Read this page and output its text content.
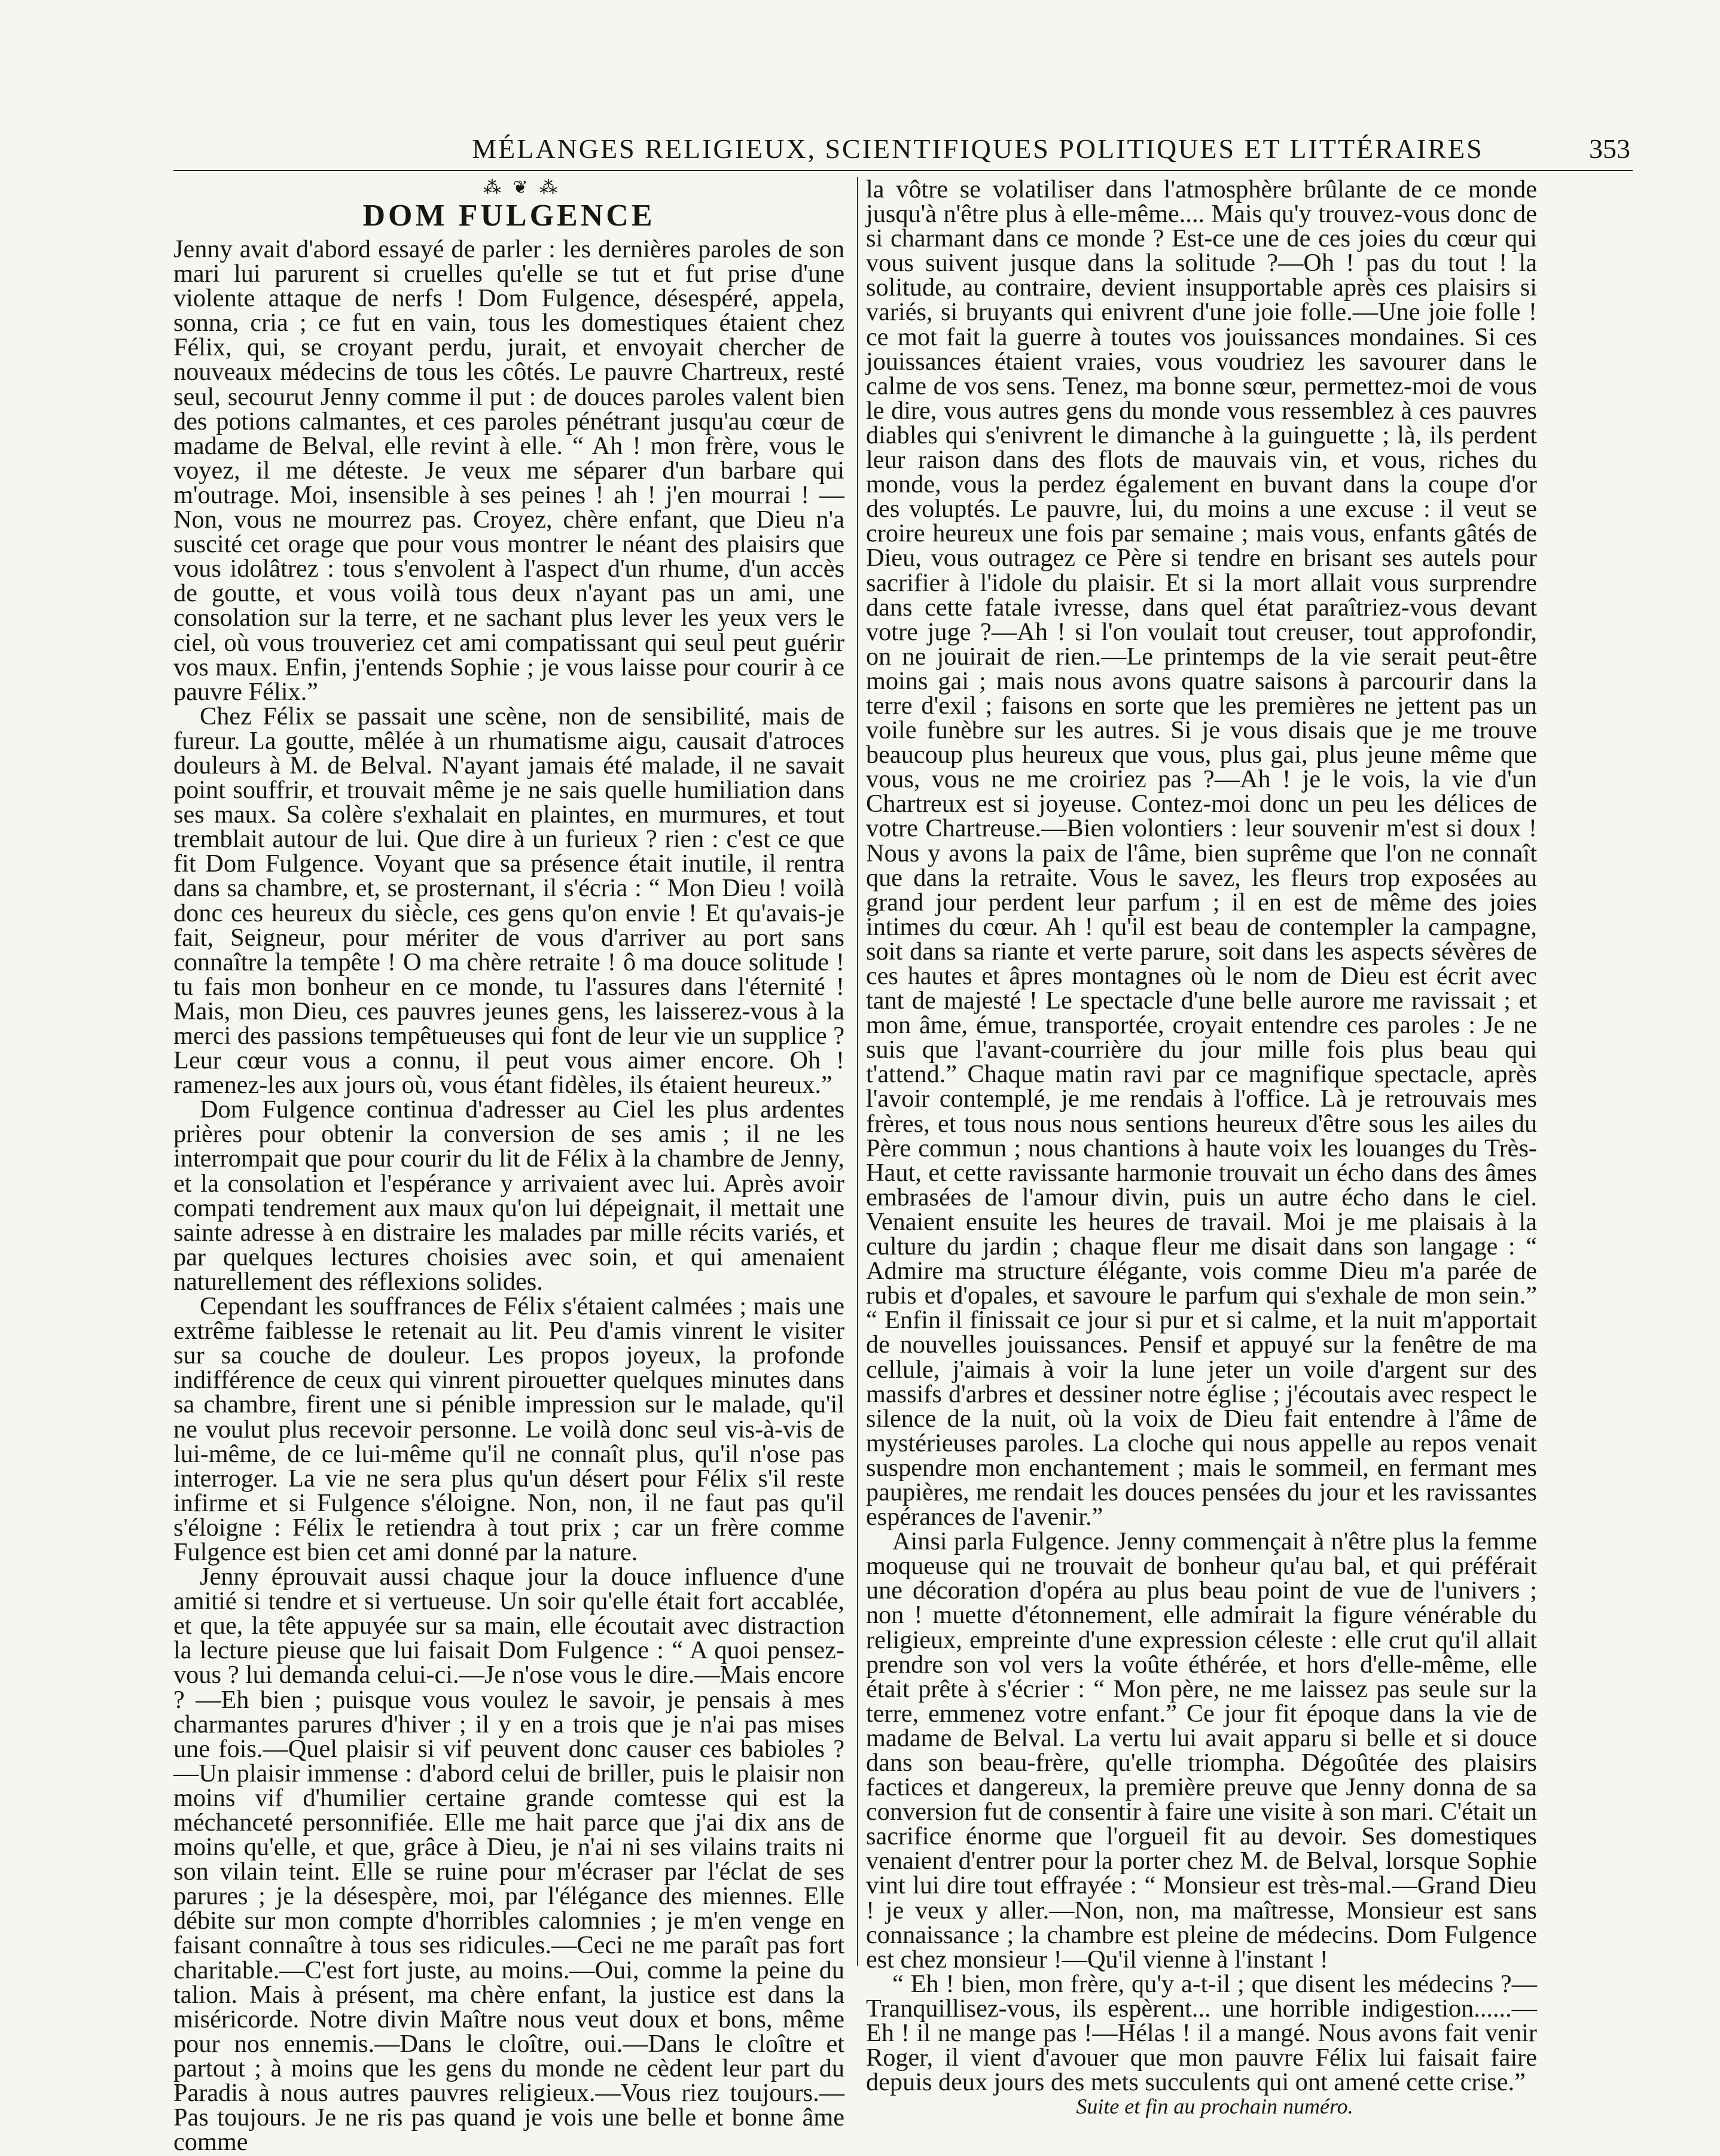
MÉLANGES RELIGIEUX, SCIENTIFIQUES POLITIQUES ET LITTÉRAIRES	353

⁂ ❦ ⁂

DOM FULGENCE

Jenny avait d'abord essayé de parler : les dernières paroles de son mari lui parurent si cruelles qu'elle se tut et fut prise d'une violente attaque de nerfs ! Dom Fulgence, désespéré, appela, sonna, cria ; ce fut en vain, tous les domestiques étaient chez Félix, qui, se croyant perdu, jurait, et envoyait chercher de nouveaux médecins de tous les côtés. Le pauvre Chartreux, resté seul, secourut Jenny comme il put : de douces paroles valent bien des potions calmantes, et ces paroles pénétrant jusqu'au cœur de madame de Belval, elle revint à elle. “ Ah ! mon frère, vous le voyez, il me déteste. Je veux me séparer d'un barbare qui m'outrage. Moi, insensible à ses peines ! ah ! j'en mourrai ! —Non, vous ne mourrez pas. Croyez, chère enfant, que Dieu n'a suscité cet orage que pour vous montrer le néant des plaisirs que vous idolâtrez : tous s'envolent à l'aspect d'un rhume, d'un accès de goutte, et vous voilà tous deux n'ayant pas un ami, une consolation sur la terre, et ne sachant plus lever les yeux vers le ciel, où vous trouveriez cet ami compatissant qui seul peut guérir vos maux. Enfin, j'entends Sophie ; je vous laisse pour courir à ce pauvre Félix.”

Chez Félix se passait une scène, non de sensibilité, mais de fureur. La goutte, mêlée à un rhumatisme aigu, causait d'atroces douleurs à M. de Belval. N'ayant jamais été malade, il ne savait point souffrir, et trouvait même je ne sais quelle humiliation dans ses maux. Sa colère s'exhalait en plaintes, en murmures, et tout tremblait autour de lui. Que dire à un furieux ? rien : c'est ce que fit Dom Fulgence. Voyant que sa présence était inutile, il rentra dans sa chambre, et, se prosternant, il s'écria : “ Mon Dieu ! voilà donc ces heureux du siècle, ces gens qu'on envie ! Et qu'avais-je fait, Seigneur, pour mériter de vous d'arriver au port sans connaître la tempête ! O ma chère retraite ! ô ma douce solitude ! tu fais mon bonheur en ce monde, tu l'assures dans l'éternité ! Mais, mon Dieu, ces pauvres jeunes gens, les laisserez-vous à la merci des passions tempêtueuses qui font de leur vie un supplice ? Leur cœur vous a connu, il peut vous aimer encore. Oh ! ramenez-les aux jours où, vous étant fidèles, ils étaient heureux.”

Dom Fulgence continua d'adresser au Ciel les plus ardentes prières pour obtenir la conversion de ses amis ; il ne les interrompait que pour courir du lit de Félix à la chambre de Jenny, et la consolation et l'espérance y arrivaient avec lui. Après avoir compati tendrement aux maux qu'on lui dépeignait, il mettait une sainte adresse à en distraire les malades par mille récits variés, et par quelques lectures choisies avec soin, et qui amenaient naturellement des réflexions solides.

Cependant les souffrances de Félix s'étaient calmées ; mais une extrême faiblesse le retenait au lit. Peu d'amis vinrent le visiter sur sa couche de douleur. Les propos joyeux, la profonde indifférence de ceux qui vinrent pirouetter quelques minutes dans sa chambre, firent une si pénible impression sur le malade, qu'il ne voulut plus recevoir personne. Le voilà donc seul vis-à-vis de lui-même, de ce lui-même qu'il ne connaît plus, qu'il n'ose pas interroger. La vie ne sera plus qu'un désert pour Félix s'il reste infirme et si Fulgence s'éloigne. Non, non, il ne faut pas qu'il s'éloigne : Félix le retiendra à tout prix ; car un frère comme Fulgence est bien cet ami donné par la nature.

Jenny éprouvait aussi chaque jour la douce influence d'une amitié si tendre et si vertueuse. Un soir qu'elle était fort accablée, et que, la tête appuyée sur sa main, elle écoutait avec distraction la lecture pieuse que lui faisait Dom Fulgence : “ A quoi pensez-vous ? lui demanda celui-ci.—Je n'ose vous le dire.—Mais encore ? —Eh bien ; puisque vous voulez le savoir, je pensais à mes charmantes parures d'hiver ; il y en a trois que je n'ai pas mises une fois.—Quel plaisir si vif peuvent donc causer ces babioles ?—Un plaisir immense : d'abord celui de briller, puis le plaisir non moins vif d'humilier certaine grande comtesse qui est la méchanceté personnifiée. Elle me hait parce que j'ai dix ans de moins qu'elle, et que, grâce à Dieu, je n'ai ni ses vilains traits ni son vilain teint. Elle se ruine pour m'écraser par l'éclat de ses parures ; je la désespère, moi, par l'élégance des miennes. Elle débite sur mon compte d'horribles calomnies ; je m'en venge en faisant connaître à tous ses ridicules.—Ceci ne me paraît pas fort charitable.—C'est fort juste, au moins.—Oui, comme la peine du talion. Mais à présent, ma chère enfant, la justice est dans la miséricorde. Notre divin Maître nous veut doux et bons, même pour nos ennemis.—Dans le cloître, oui.—Dans le cloître et partout ; à moins que les gens du monde ne cèdent leur part du Paradis à nous autres pauvres religieux.—Vous riez toujours.—Pas toujours. Je ne ris pas quand je vois une belle et bonne âme comme

la vôtre se volatiliser dans l'atmosphère brûlante de ce monde jusqu'à n'être plus à elle-même.... Mais qu'y trouvez-vous donc de si charmant dans ce monde ? Est-ce une de ces joies du cœur qui vous suivent jusque dans la solitude ?—Oh ! pas du tout ! la solitude, au contraire, devient insupportable après ces plaisirs si variés, si bruyants qui enivrent d'une joie folle.—Une joie folle ! ce mot fait la guerre à toutes vos jouissances mondaines. Si ces jouissances étaient vraies, vous voudriez les savourer dans le calme de vos sens. Tenez, ma bonne sœur, permettez-moi de vous le dire, vous autres gens du monde vous ressemblez à ces pauvres diables qui s'enivrent le dimanche à la guinguette ; là, ils perdent leur raison dans des flots de mauvais vin, et vous, riches du monde, vous la perdez également en buvant dans la coupe d'or des voluptés. Le pauvre, lui, du moins a une excuse : il veut se croire heureux une fois par semaine ; mais vous, enfants gâtés de Dieu, vous outragez ce Père si tendre en brisant ses autels pour sacrifier à l'idole du plaisir. Et si la mort allait vous surprendre dans cette fatale ivresse, dans quel état paraîtriez-vous devant votre juge ?—Ah ! si l'on voulait tout creuser, tout approfondir, on ne jouirait de rien.—Le printemps de la vie serait peut-être moins gai ; mais nous avons quatre saisons à parcourir dans la terre d'exil ; faisons en sorte que les premières ne jettent pas un voile funèbre sur les autres. Si je vous disais que je me trouve beaucoup plus heureux que vous, plus gai, plus jeune même que vous, vous ne me croiriez pas ?—Ah ! je le vois, la vie d'un Chartreux est si joyeuse. Contez-moi donc un peu les délices de votre Chartreuse.—Bien volontiers : leur souvenir m'est si doux ! Nous y avons la paix de l'âme, bien suprême que l'on ne connaît que dans la retraite. Vous le savez, les fleurs trop exposées au grand jour perdent leur parfum ; il en est de même des joies intimes du cœur. Ah ! qu'il est beau de contempler la campagne, soit dans sa riante et verte parure, soit dans les aspects sévères de ces hautes et âpres montagnes où le nom de Dieu est écrit avec tant de majesté ! Le spectacle d'une belle aurore me ravissait ; et mon âme, émue, transportée, croyait entendre ces paroles : Je ne suis que l'avant-courrière du jour mille fois plus beau qui t'attend.” Chaque matin ravi par ce magnifique spectacle, après l'avoir contemplé, je me rendais à l'office. Là je retrouvais mes frères, et tous nous nous sentions heureux d'être sous les ailes du Père commun ; nous chantions à haute voix les louanges du Très-Haut, et cette ravissante harmonie trouvait un écho dans des âmes embrasées de l'amour divin, puis un autre écho dans le ciel. Venaient ensuite les heures de travail. Moi je me plaisais à la culture du jardin ; chaque fleur me disait dans son langage : “ Admire ma structure élégante, vois comme Dieu m'a parée de rubis et d'opales, et savoure le parfum qui s'exhale de mon sein.” “ Enfin il finissait ce jour si pur et si calme, et la nuit m'apportait de nouvelles jouissances. Pensif et appuyé sur la fenêtre de ma cellule, j'aimais à voir la lune jeter un voile d'argent sur des massifs d'arbres et dessiner notre église ; j'écoutais avec respect le silence de la nuit, où la voix de Dieu fait entendre à l'âme de mystérieuses paroles. La cloche qui nous appelle au repos venait suspendre mon enchantement ; mais le sommeil, en fermant mes paupières, me rendait les douces pensées du jour et les ravissantes espérances de l'avenir.”

Ainsi parla Fulgence. Jenny commençait à n'être plus la femme moqueuse qui ne trouvait de bonheur qu'au bal, et qui préférait une décoration d'opéra au plus beau point de vue de l'univers ; non ! muette d'étonnement, elle admirait la figure vénérable du religieux, empreinte d'une expression céleste : elle crut qu'il allait prendre son vol vers la voûte éthérée, et hors d'elle-même, elle était prête à s'écrier : “ Mon père, ne me laissez pas seule sur la terre, emmenez votre enfant.” Ce jour fit époque dans la vie de madame de Belval. La vertu lui avait apparu si belle et si douce dans son beau-frère, qu'elle triompha. Dégoûtée des plaisirs factices et dangereux, la première preuve que Jenny donna de sa conversion fut de consentir à faire une visite à son mari. C'était un sacrifice énorme que l'orgueil fit au devoir. Ses domestiques venaient d'entrer pour la porter chez M. de Belval, lorsque Sophie vint lui dire tout effrayée : “ Monsieur est très-mal.—Grand Dieu ! je veux y aller.—Non, non, ma maîtresse, Monsieur est sans connaissance ; la chambre est pleine de médecins. Dom Fulgence est chez monsieur !—Qu'il vienne à l'instant !

“ Eh ! bien, mon frère, qu'y a-t-il ; que disent les médecins ?—Tranquillisez-vous, ils espèrent... une horrible indigestion......—Eh ! il ne mange pas !—Hélas ! il a mangé. Nous avons fait venir Roger, il vient d'avouer que mon pauvre Félix lui faisait faire depuis deux jours des mets succulents qui ont amené cette crise.”

Suite et fin au prochain numéro.
